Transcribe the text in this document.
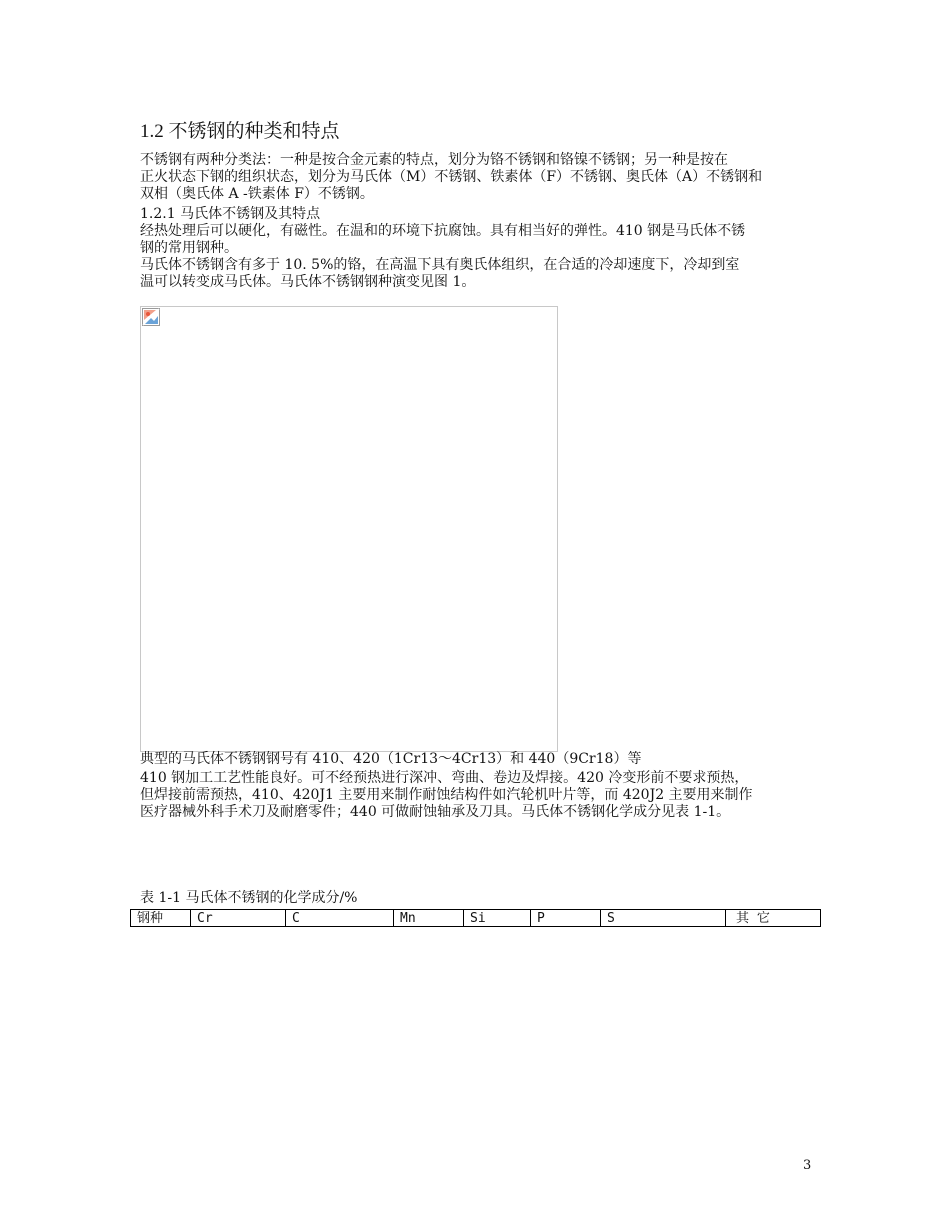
1.2 不锈钢的种类和特点
不锈钢有两种分类法：一种是按合金元素的特点，划分为铬不锈钢和铬镍不锈钢；另一种是按在
正火状态下钢的组织状态，划分为马氏体（M）不锈钢、铁素体（F）不锈钢、奥氏体（A）不锈钢和
双相（奥氏体 A -铁素体 F）不锈钢。
1.2.1 马氏体不锈钢及其特点
经热处理后可以硬化，有磁性。在温和的环境下抗腐蚀。具有相当好的弹性。410 钢是马氏体不锈
钢的常用钢种。
马氏体不锈钢含有多于 10. 5%的铬，在高温下具有奥氏体组织，在合适的冷却速度下，冷却到室
温可以转变成马氏体。马氏体不锈钢钢种演变见图 1。
典型的马氏体不锈钢钢号有 410、420（1Cr13～4Cr13）和 440（9Cr18）等
410 钢加工工艺性能良好。可不经预热进行深冲、弯曲、卷边及焊接。420 冷变形前不要求预热，
但焊接前需预热，410、420J1 主要用来制作耐蚀结构件如汽轮机叶片等，而 420J2 主要用来制作
医疗器械外科手术刀及耐磨零件；440 可做耐蚀轴承及刀具。马氏体不锈钢化学成分见表 1-1。
表 1-1 马氏体不锈钢的化学成分/%
钢种	Cr	C	Mn	Si	P	S	其 它
3
